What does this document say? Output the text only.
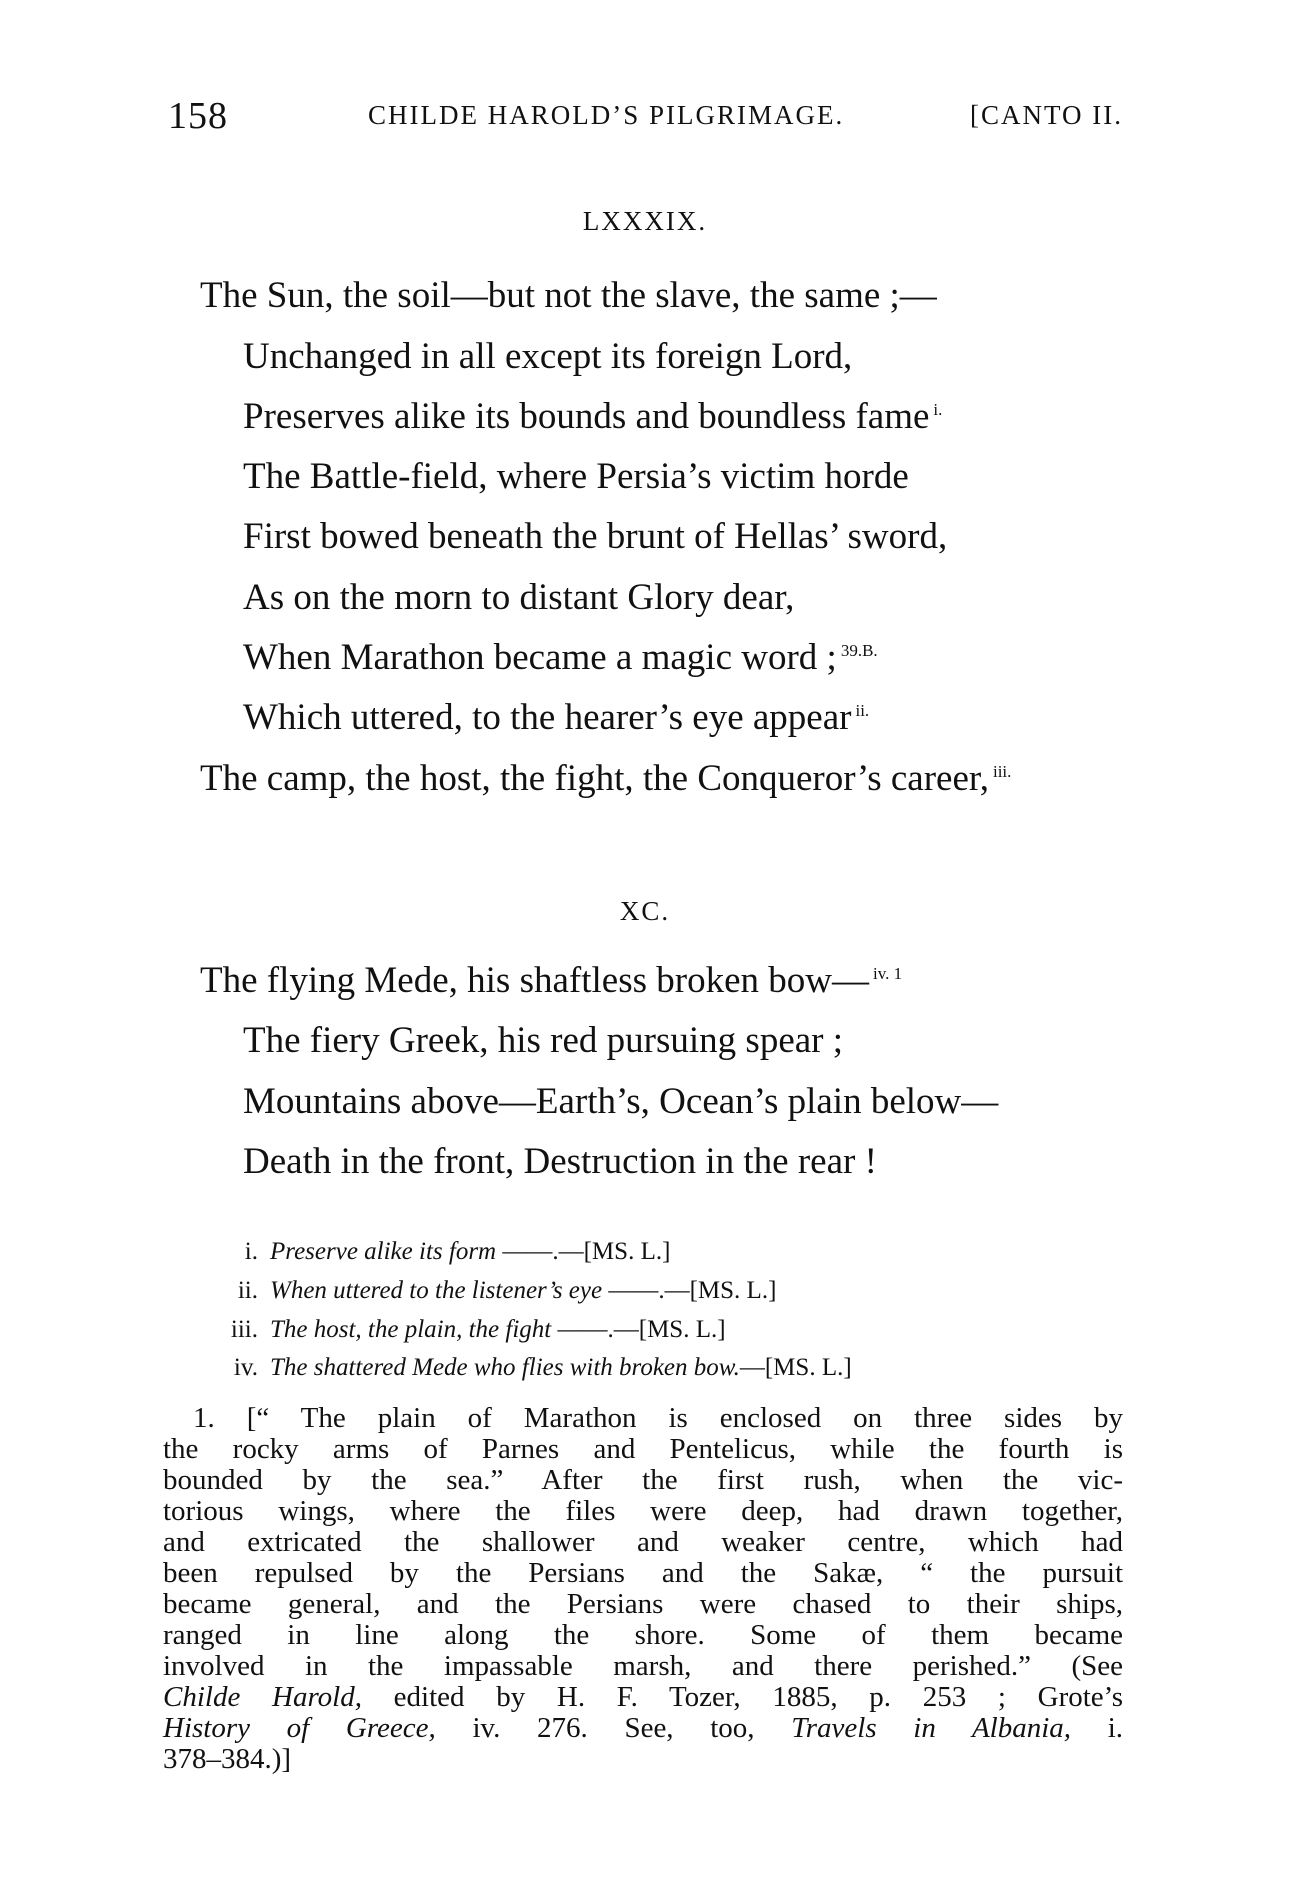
158	CHILDE HAROLD’S PILGRIMAGE.	[CANTO II.
LXXXIX.
The Sun, the soil—but not the slave, the same ;—
Unchanged in all except its foreign Lord,
Preserves alike its bounds and boundless fame $^{i.}$
The Battle-field, where Persia’s victim horde
First bowed beneath the brunt of Hellas’ sword,
As on the morn to distant Glory dear,
When Marathon became a magic word ; $^{39.B.}$
Which uttered, to the hearer’s eye appear $^{ii.}$
The camp, the host, the fight, the Conqueror’s career, $^{iii.}$
XC.
The flying Mede, his shaftless broken bow— $^{iv. 1}$
The fiery Greek, his red pursuing spear ;
Mountains above—Earth’s, Ocean’s plain below—
Death in the front, Destruction in the rear !
i. Preserve alike its form ——.—[MS. L.]
ii. When uttered to the listener’s eye ——.—[MS. L.]
iii. The host, the plain, the fight ——.—[MS. L.]
iv. The shattered Mede who flies with broken bow.—[MS. L.]
1. [“ The plain of Marathon is enclosed on three sides by
the rocky arms of Parnes and Pentelicus, while the fourth is
bounded by the sea.” After the first rush, when the vic-
torious wings, where the files were deep, had drawn together,
and extricated the shallower and weaker centre, which had
been repulsed by the Persians and the Sakæ, “ the pursuit
became general, and the Persians were chased to their ships,
ranged in line along the shore. Some of them became
involved in the impassable marsh, and there perished.” (See
Childe Harold, edited by H. F. Tozer, 1885, p. 253 ; Grote’s
History of Greece, iv. 276. See, too, Travels in Albania, i.
378–384.)]
